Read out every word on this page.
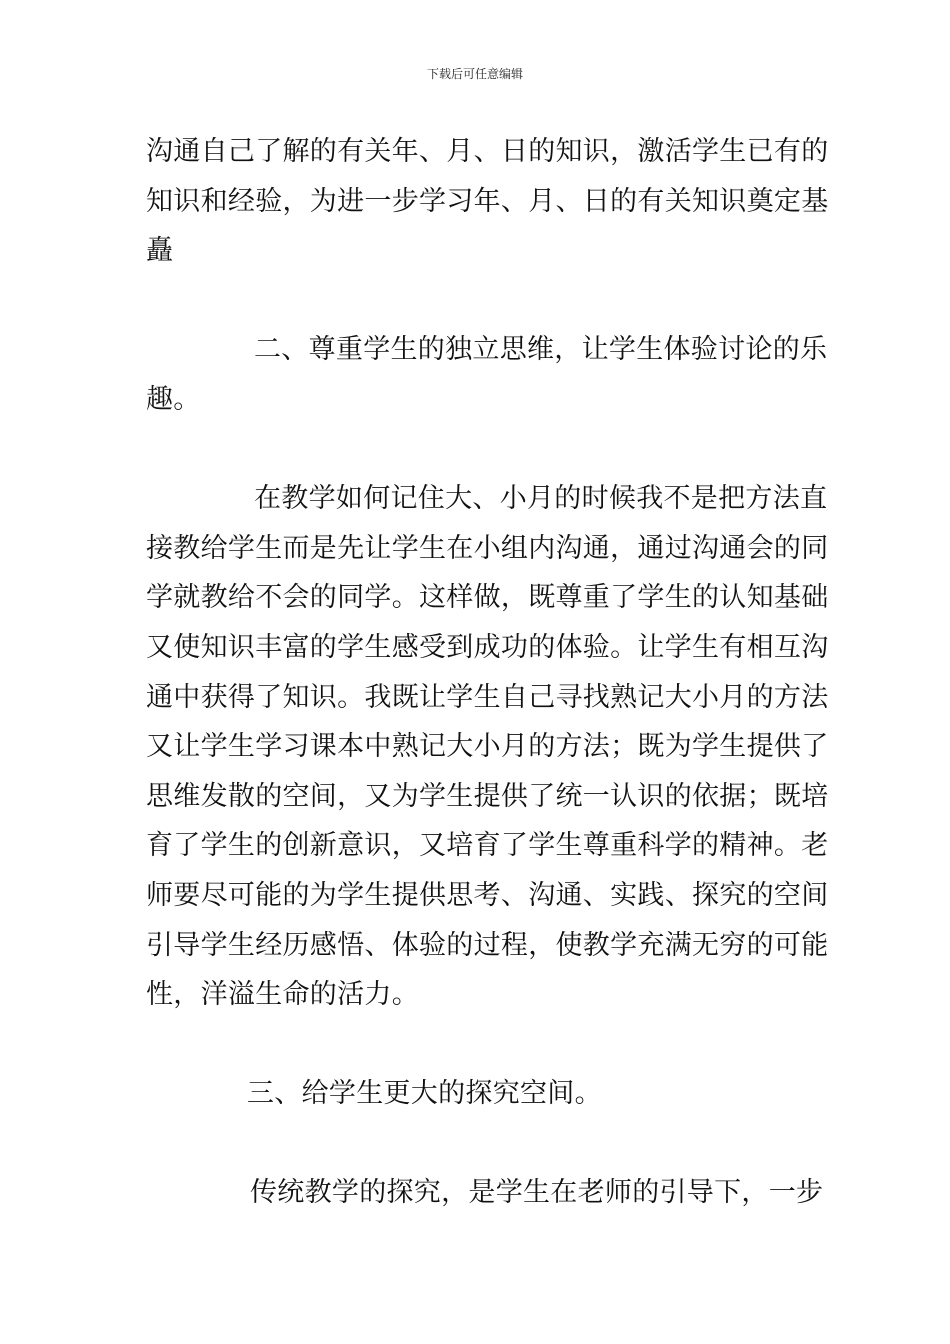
下载后可任意编辑
沟通自己了解的有关年、月、日的知识，激活学生已有的
知识和经验，为进一步学习年、月、日的有关知识奠定基
矗
二、尊重学生的独立思维，让学生体验讨论的乐
趣。
在教学如何记住大、小月的时候我不是把方法直
接教给学生而是先让学生在小组内沟通，通过沟通会的同
学就教给不会的同学。这样做，既尊重了学生的认知基础
又使知识丰富的学生感受到成功的体验。让学生有相互沟
通中获得了知识。我既让学生自己寻找熟记大小月的方法
又让学生学习课本中熟记大小月的方法；既为学生提供了
思维发散的空间，又为学生提供了统一认识的依据；既培
育了学生的创新意识，又培育了学生尊重科学的精神。老
师要尽可能的为学生提供思考、沟通、实践、探究的空间
引导学生经历感悟、体验的过程，使教学充满无穷的可能
性，洋溢生命的活力。
三、给学生更大的探究空间。
传统教学的探究，是学生在老师的引导下，一步
